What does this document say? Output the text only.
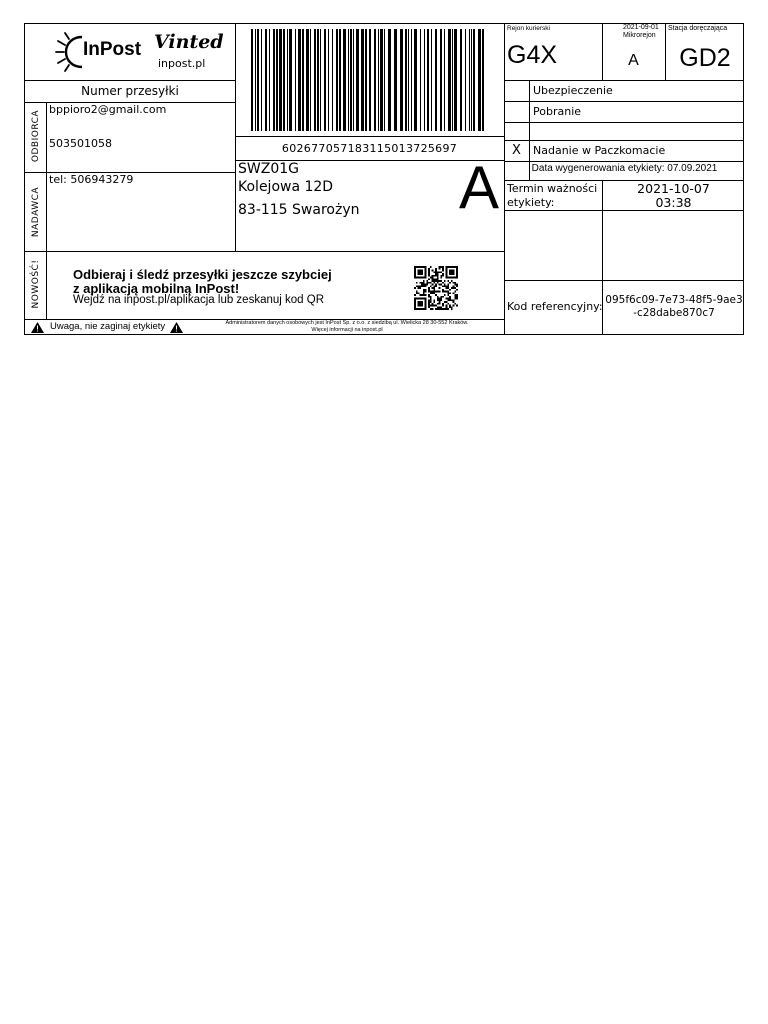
InPost Vinted
inpost.pl
Numer przesyłki
ODBIORCA
NADAWCA
NOWOŚĆ!
bppioro2@gmail.com
503501058
tel: 506943279
602677057183115013725697
SWZ01G
Kolejowa 12D
83-115 Swarożyn A
Odbieraj i śledź przesyłki jeszcze szybciej
z aplikacją mobilną InPost!
Wejdź na inpost.pl/aplikacja lub zeskanuj kod QR
Uwaga, nie zaginaj etykiety	Administratorem danych osobowych jest InPost Sp. z o.o. z siedzibą ul. Wielicka 28 30-552 Kraków.
Więcej informacji na inpost.pl
Rejon kurierski
G4X
2021-09-01
Mikrorejon
A
Stacja doręczająca
GD2
Ubezpieczenie
Pobranie
X	Nadanie w Paczkomacie
Data wygenerowania etykiety: 07.09.2021
Termin ważności etykiety:
2021-10-07
03:38
Kod referencyjny: 095f6c09-7e73-48f5-9ae3-c28dabe870c7
